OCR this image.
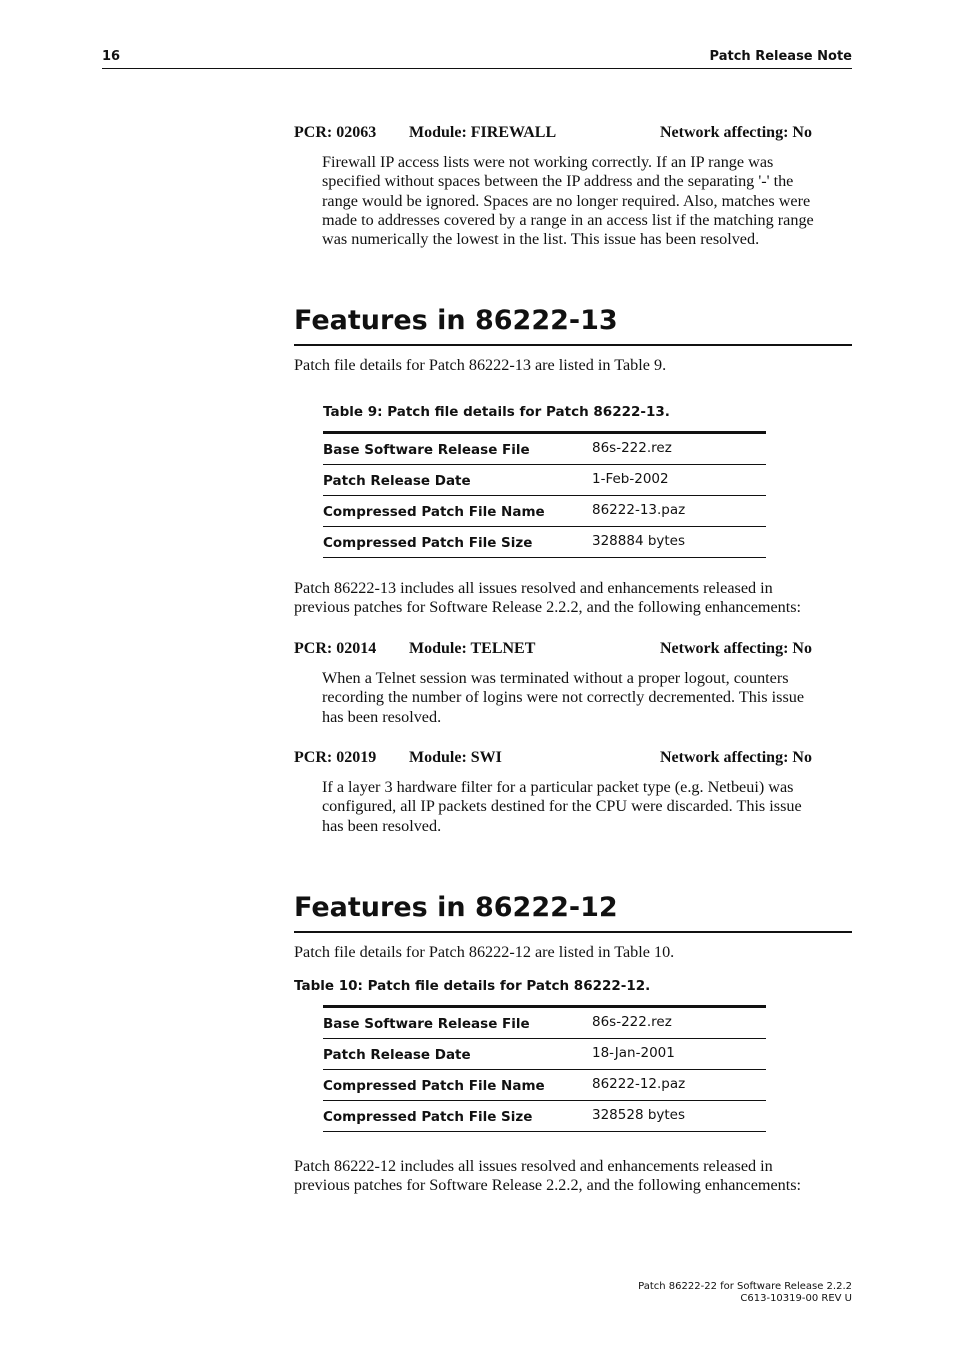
16	Patch Release Note
PCR: 02063 Module: FIREWALL	Network affecting: No
Firewall IP access lists were not working correctly. If an IP range was
specified without spaces between the IP address and the separating '-' the
range would be ignored. Spaces are no longer required. Also, matches were
made to addresses covered by a range in an access list if the matching range
was numerically the lowest in the list. This issue has been resolved.
Features in 86222-13
Patch file details for Patch 86222-13 are listed in Table 9.
Table 9: Patch file details for Patch 86222-13.
Base Software Release File	86s-222.rez
Patch Release Date	1-Feb-2002
Compressed Patch File Name	86222-13.paz
Compressed Patch File Size	328884 bytes
Patch 86222-13 includes all issues resolved and enhancements released in
previous patches for Software Release 2.2.2, and the following enhancements:
PCR: 02014 Module: TELNET	Network affecting: No
When a Telnet session was terminated without a proper logout, counters
recording the number of logins were not correctly decremented. This issue
has been resolved.
PCR: 02019 Module: SWI	Network affecting: No
If a layer 3 hardware filter for a particular packet type (e.g. Netbeui) was
configured, all IP packets destined for the CPU were discarded. This issue
has been resolved.
Features in 86222-12
Patch file details for Patch 86222-12 are listed in Table 10.
Table 10: Patch file details for Patch 86222-12.
Base Software Release File	86s-222.rez
Patch Release Date	18-Jan-2001
Compressed Patch File Name	86222-12.paz
Compressed Patch File Size	328528 bytes
Patch 86222-12 includes all issues resolved and enhancements released in
previous patches for Software Release 2.2.2, and the following enhancements:
Patch 86222-22 for Software Release 2.2.2
C613-10319-00 REV U
